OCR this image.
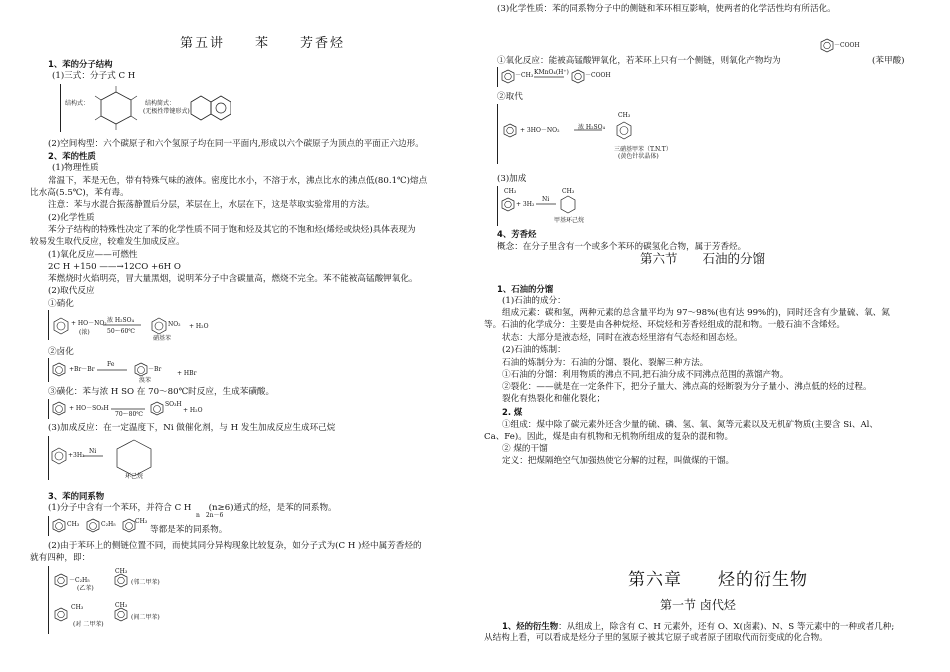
第五讲　　苯　　芳香烃
1、苯的分子结构
(1)三式：分子式 C H
结构式：	结构简式：
(无极性带键形式)
(2)空间构型：六个碳原子和六个氢原子均在同一平面内,形成以六个碳原子为顶点的平面正六边形。
2、苯的性质
(1)物理性质
常温下，苯是无色，带有特殊气味的液体。密度比水小，不溶于水，沸点比水的沸点低(80.1℃)熔点
比水高(5.5℃)，苯有毒。
注意：苯与水混合振荡静置后分层，苯层在上，水层在下，这是萃取实验常用的方法。
(2)化学性质
苯分子结构的特殊性决定了苯的化学性质不同于饱和烃及其它的不饱和烃(烯烃或炔烃)具体表现为
较易发生取代反应，较难发生加成反应。
(1)氧化反应——可燃性
2C H +150 ——→12CO +6H O
苯燃烧时火焰明亮，冒大量黑烟，说明苯分子中含碳量高，燃烧不完全。苯不能被高锰酸钾氧化。
(2)取代反应
①硝化
+ HO－NO₂
(浓)
浓 H₂SO₄
50～60℃
NO₂
硝基苯
+ H₂O
②卤化
+Br－Br
Fe
－Br
+ HBr
溴苯
③磺化：苯与浓 H SO 在 70～80℃时反应，生成苯磺酸。
+ HO－SO₃H
70～80℃
SO₃H
+ H₂O
(3)加成反应：在一定温度下，Ni 做催化剂，与 H 发生加成反应生成环己烷
+3H₂
Ni
环己烷
3、苯的同系物
(1)分子中含有一个苯环，并符合 C H　　(n≥6)通式的烃，是苯的同系物。
n　2n－6
CH₃	C₂H₅	CH₃
等都是苯的同系物。
(2)由于苯环上的侧链位置不同，而使其同分异构现象比较复杂，如分子式为(C H )烃中属芳香烃的
就有四种，即：
－C₂H₅
(乙苯)
CH₃
(邻二甲苯)
CH₃
(对 二甲苯)
CH₃
(间二甲苯)
(3)化学性质：苯的同系物分子中的侧链和苯环相互影响，使两者的化学活性均有所活化。
①氧化反应：能被高锰酸钾氧化，若苯环上只有一个侧链，则氧化产物均为
－COOH
(苯甲酸)
－CH₃ KMnO₄(H⁺)	－COOH
②取代
+ 3HO－NO₂	浓 H₂SO₄
CH₃
三硝基甲苯（T.N.T）
(黄色针状晶体)
(3)加成
CH₃
+ 3H₂
Ni
CH₃
甲基环己烷
4、芳香烃
概念：在分子里含有一个或多个苯环的碳氢化合物，属于芳香烃。
第六节　　石油的分馏
1、石油的分馏
(1)石油的成分：
组成元素：碳和氢，两种元素的总含量平均为 97～98%(也有达 99%的)，同时还含有少量硫、氧、氮
等。石油的化学成分：主要是由各种烷烃、环烷烃和芳香烃组成的混和物。一般石油不含烯烃。
状态：大部分是液态烃，同时在液态烃里溶有气态烃和固态烃。
(2)石油的炼制：
石油的炼制分为：石油的分馏、裂化、裂解三种方法。
①石油的分馏：利用物质的沸点不同,把石油分成不同沸点范围的蒸馏产物。
②裂化：——就是在一定条件下，把分子量大、沸点高的烃断裂为分子量小、沸点低的烃的过程。
裂化有热裂化和催化裂化；
2. 煤
①组成：煤中除了碳元素外还含少量的硫、磷、氢、氧、氮等元素以及无机矿物质(主要含 Si、Al、
Ca、Fe)。因此，煤是由有机物和无机物所组成的复杂的混和物。
② 煤的干馏
定义：把煤隔绝空气加强热使它分解的过程，叫做煤的干馏。
第六章　　烃的衍生物
第一节 卤代烃
1、烃的衍生物：从组成上，除含有 C、H 元素外，还有 O、X(卤素)、N、S 等元素中的一种或者几种;
从结构上看，可以看成是烃分子里的氢原子被其它原子或者原子团取代而衍变成的化合物。
